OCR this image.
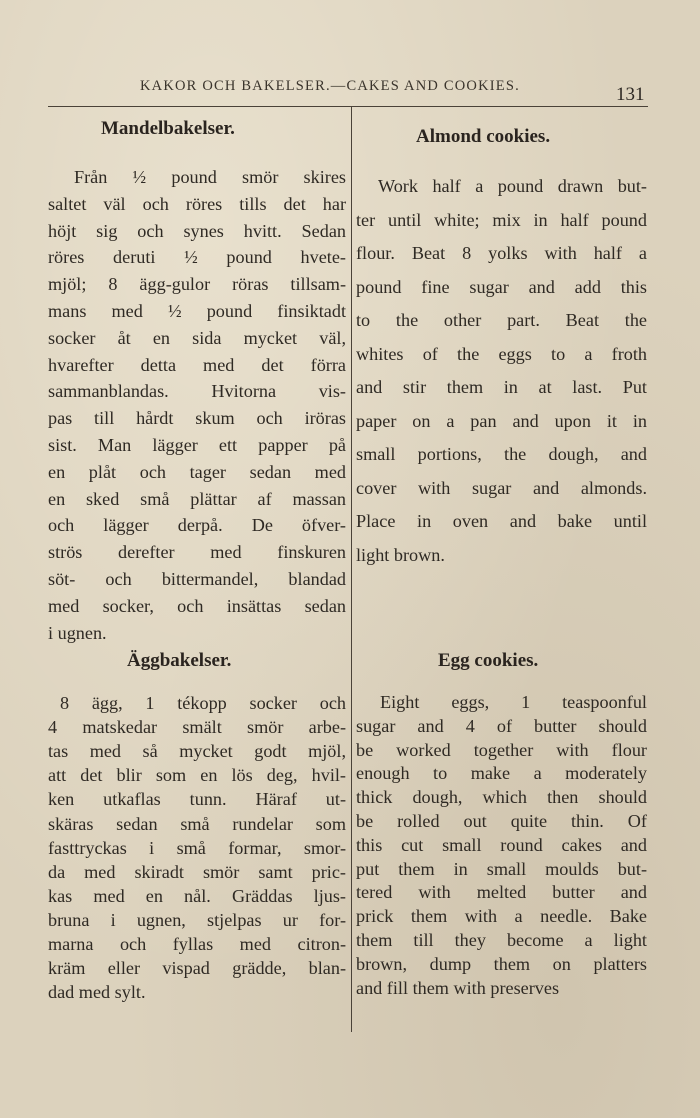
KAKOR OCH BAKELSER.—CAKES AND COOKIES.	131
Mandelbakelser.
Från ½ pound smör skires
saltet väl och röres tills det har
höjt sig och synes hvitt. Sedan
röres deruti ½ pound hvete-
mjöl; 8 ägg-gulor röras tillsam-
mans med ½ pound finsiktadt
socker åt en sida mycket väl,
hvarefter detta med det förra
sammanblandas. Hvitorna vis-
pas till hårdt skum och iröras
sist. Man lägger ett papper på
en plåt och tager sedan med
en sked små plättar af massan
och lägger derpå. De öfver-
strös derefter med finskuren
söt- och bittermandel, blandad
med socker, och insättas sedan
i ugnen.
Äggbakelser.
8 ägg, 1 tékopp socker och
4 matskedar smält smör arbe-
tas med så mycket godt mjöl,
att det blir som en lös deg, hvil-
ken utkaflas tunn. Häraf ut-
skäras sedan små rundelar som
fasttryckas i små formar, smor-
da med skiradt smör samt pric-
kas med en nål. Gräddas ljus-
bruna i ugnen, stjelpas ur for-
marna och fyllas med citron-
kräm eller vispad grädde, blan-
dad med sylt.
Almond cookies.
Work half a pound drawn but-
ter until white; mix in half pound
flour. Beat 8 yolks with half a
pound fine sugar and add this
to the other part. Beat the
whites of the eggs to a froth
and stir them in at last. Put
paper on a pan and upon it in
small portions, the dough, and
cover with sugar and almonds.
Place in oven and bake until
light brown.
Egg cookies.
Eight eggs, 1 teaspoonful
sugar and 4 of butter should
be worked together with flour
enough to make a moderately
thick dough, which then should
be rolled out quite thin. Of
this cut small round cakes and
put them in small moulds but-
tered with melted butter and
prick them with a needle. Bake
them till they become a light
brown, dump them on platters
and fill them with preserves
